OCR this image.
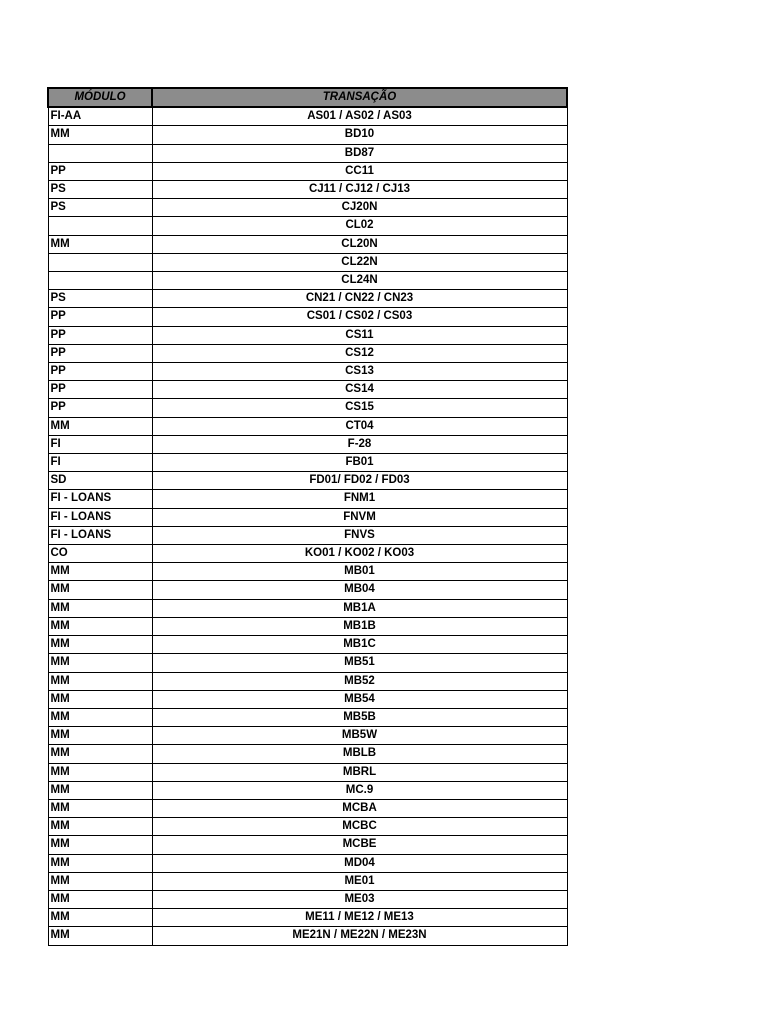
MÓDULO	TRANSAÇÃO
FI-AA	AS01 / AS02 / AS03
MM	BD10
	BD87
PP	CC11
PS	CJ11 / CJ12 / CJ13
PS	CJ20N
	CL02
MM	CL20N
	CL22N
	CL24N
PS	CN21 / CN22 / CN23
PP	CS01 / CS02 / CS03
PP	CS11
PP	CS12
PP	CS13
PP	CS14
PP	CS15
MM	CT04
FI	F-28
FI	FB01
SD	FD01/ FD02 / FD03
FI - LOANS	FNM1
FI - LOANS	FNVM
FI - LOANS	FNVS
CO	KO01 / KO02 / KO03
MM	MB01
MM	MB04
MM	MB1A
MM	MB1B
MM	MB1C
MM	MB51
MM	MB52
MM	MB54
MM	MB5B
MM	MB5W
MM	MBLB
MM	MBRL
MM	MC.9
MM	MCBA
MM	MCBC
MM	MCBE
MM	MD04
MM	ME01
MM	ME03
MM	ME11 / ME12 / ME13
MM	ME21N / ME22N / ME23N
